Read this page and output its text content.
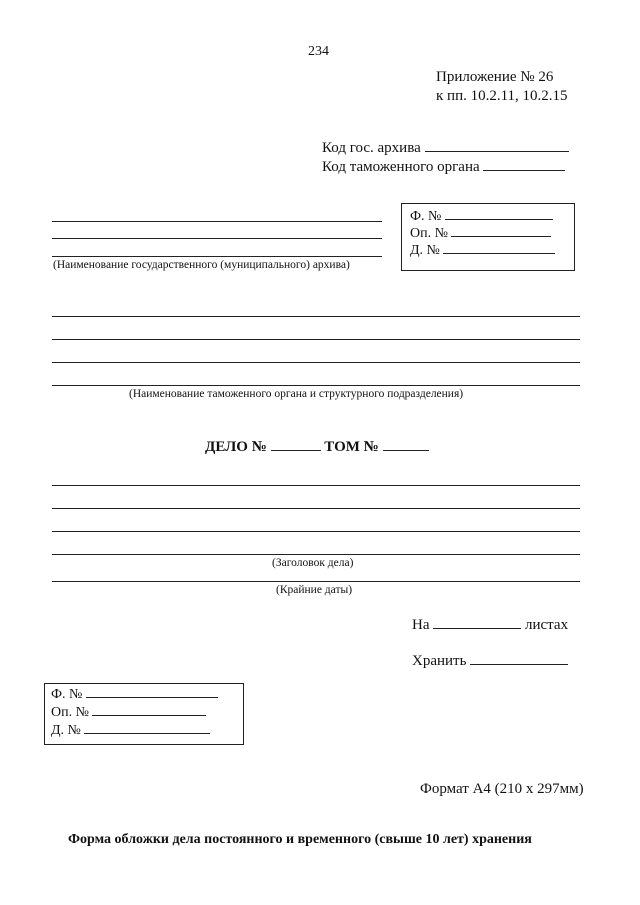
234
Приложение № 26
к пп. 10.2.11, 10.2.15
Код гос. архива
Код таможенного органа
(Наименование государственного (муниципального) архива)
Ф. №
Оп. №
Д. №
(Наименование таможенного органа и структурного подразделения)
ДЕЛО №	ТОМ №
(Заголовок дела)
(Крайние даты)
На	листах
Хранить
Ф. №
Оп. №
Д. №
Формат А4 (210 х 297мм)
Форма обложки дела постоянного и временного (свыше 10 лет) хранения
